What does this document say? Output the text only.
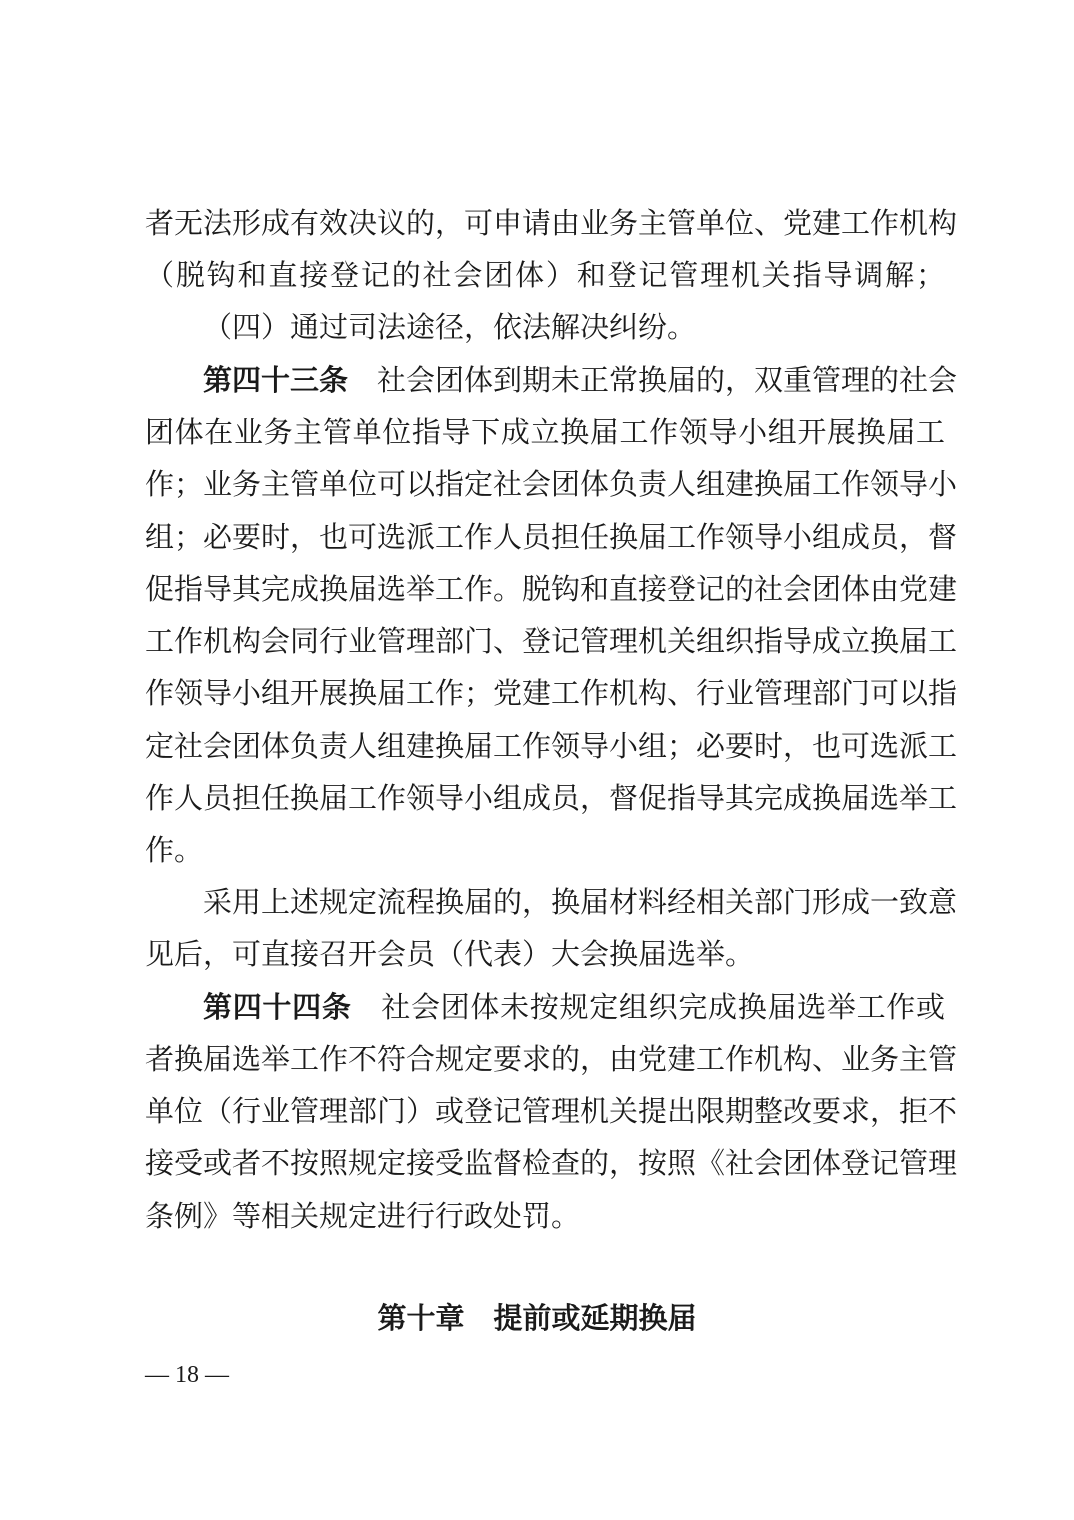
者无法形成有效决议的，可申请由业务主管单位、党建工作机构
（脱钩和直接登记的社会团体）和登记管理机关指导调解；
（四）通过司法途径，依法解决纠纷。
第四十三条　 社会团体到期未正常换届的，双重管理的社会
团体在业务主管单位指导下成立换届工作领导小组开展换届工
作；业务主管单位可以指定社会团体负责人组建换届工作领导小
组；必要时，也可选派工作人员担任换届工作领导小组成员，督
促指导其完成换届选举工作。脱钩和直接登记的社会团体由党建
工作机构会同行业管理部门、登记管理机关组织指导成立换届工
作领导小组开展换届工作；党建工作机构、行业管理部门可以指
定社会团体负责人组建换届工作领导小组；必要时，也可选派工
作人员担任换届工作领导小组成员，督促指导其完成换届选举工
作。
采用上述规定流程换届的，换届材料经相关部门形成一致意
见后，可直接召开会员（代表）大会换届选举。
第四十四条　 社会团体未按规定组织完成换届选举工作或
者换届选举工作不符合规定要求的，由党建工作机构、业务主管
单位（行业管理部门）或登记管理机关提出限期整改要求，拒不
接受或者不按照规定接受监督检查的，按照《社会团体登记管理
条例》等相关规定进行行政处罚。
第十章　提前或延期换届
— 18 —
